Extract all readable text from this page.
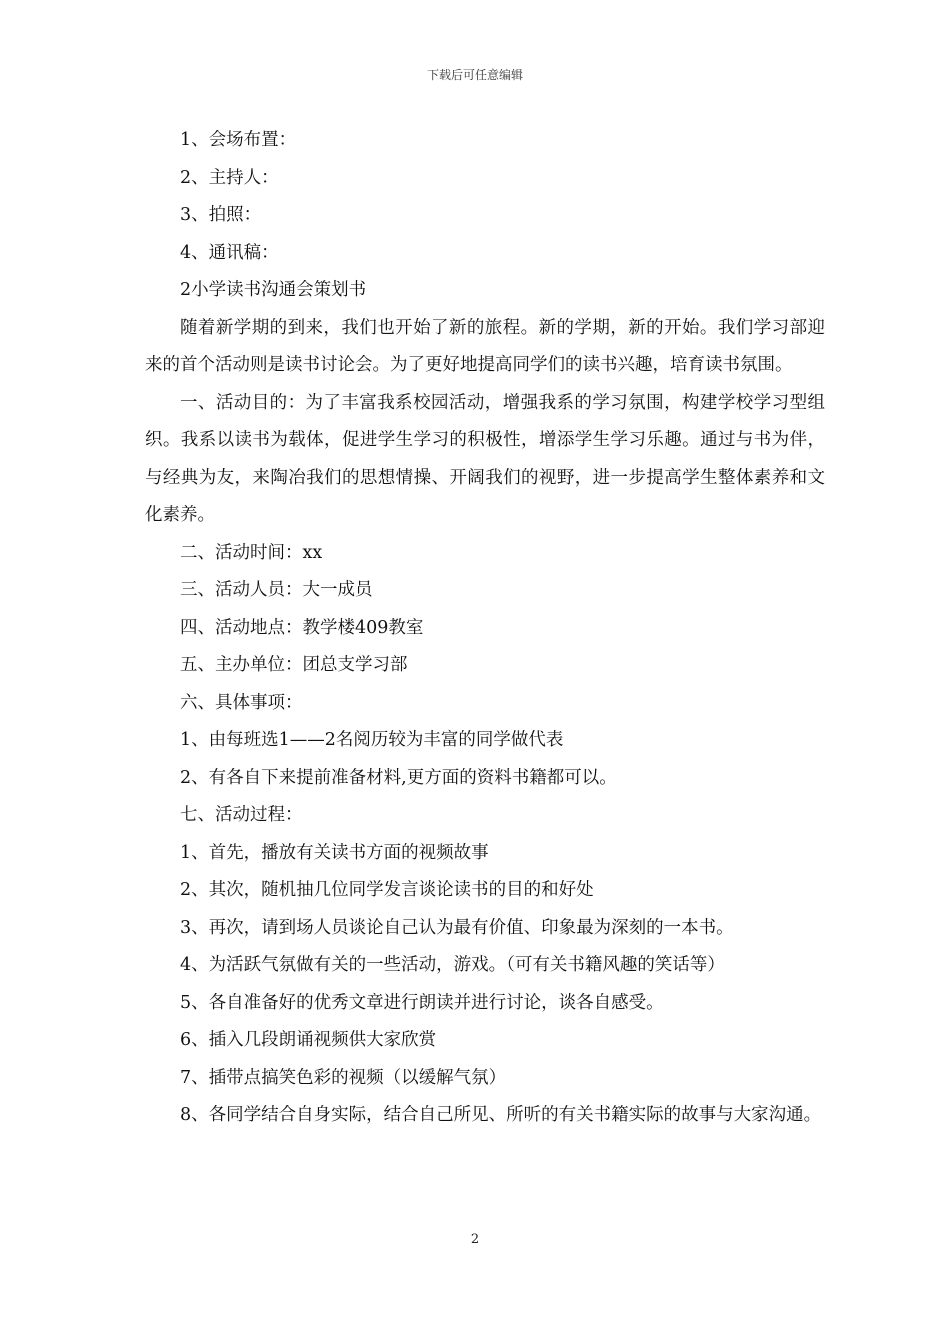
下载后可任意编辑
1、会场布置：
2、主持人：
3、拍照：
4、通讯稿：
2小学读书沟通会策划书
随着新学期的到来，我们也开始了新的旅程。新的学期，新的开始。我们学习部迎来的首个活动则是读书讨论会。为了更好地提高同学们的读书兴趣，培育读书氛围。
一、活动目的：为了丰富我系校园活动，增强我系的学习氛围，构建学校学习型组织。我系以读书为载体，促进学生学习的积极性，增添学生学习乐趣。通过与书为伴，与经典为友，来陶冶我们的思想情操、开阔我们的视野，进一步提高学生整体素养和文化素养。
二、活动时间：xx
三、活动人员：大一成员
四、活动地点：教学楼409教室
五、主办单位：团总支学习部
六、具体事项：
1、由每班选1——2名阅历较为丰富的同学做代表
2、有各自下来提前准备材料,更方面的资料书籍都可以。
七、活动过程：
1、首先，播放有关读书方面的视频故事
2、其次，随机抽几位同学发言谈论读书的目的和好处
3、再次，请到场人员谈论自己认为最有价值、印象最为深刻的一本书。
4、为活跃气氛做有关的一些活动，游戏。（可有关书籍风趣的笑话等）
5、各自准备好的优秀文章进行朗读并进行讨论，谈各自感受。
6、插入几段朗诵视频供大家欣赏
7、插带点搞笑色彩的视频（以缓解气氛）
8、各同学结合自身实际，结合自己所见、所听的有关书籍实际的故事与大家沟通。
2
